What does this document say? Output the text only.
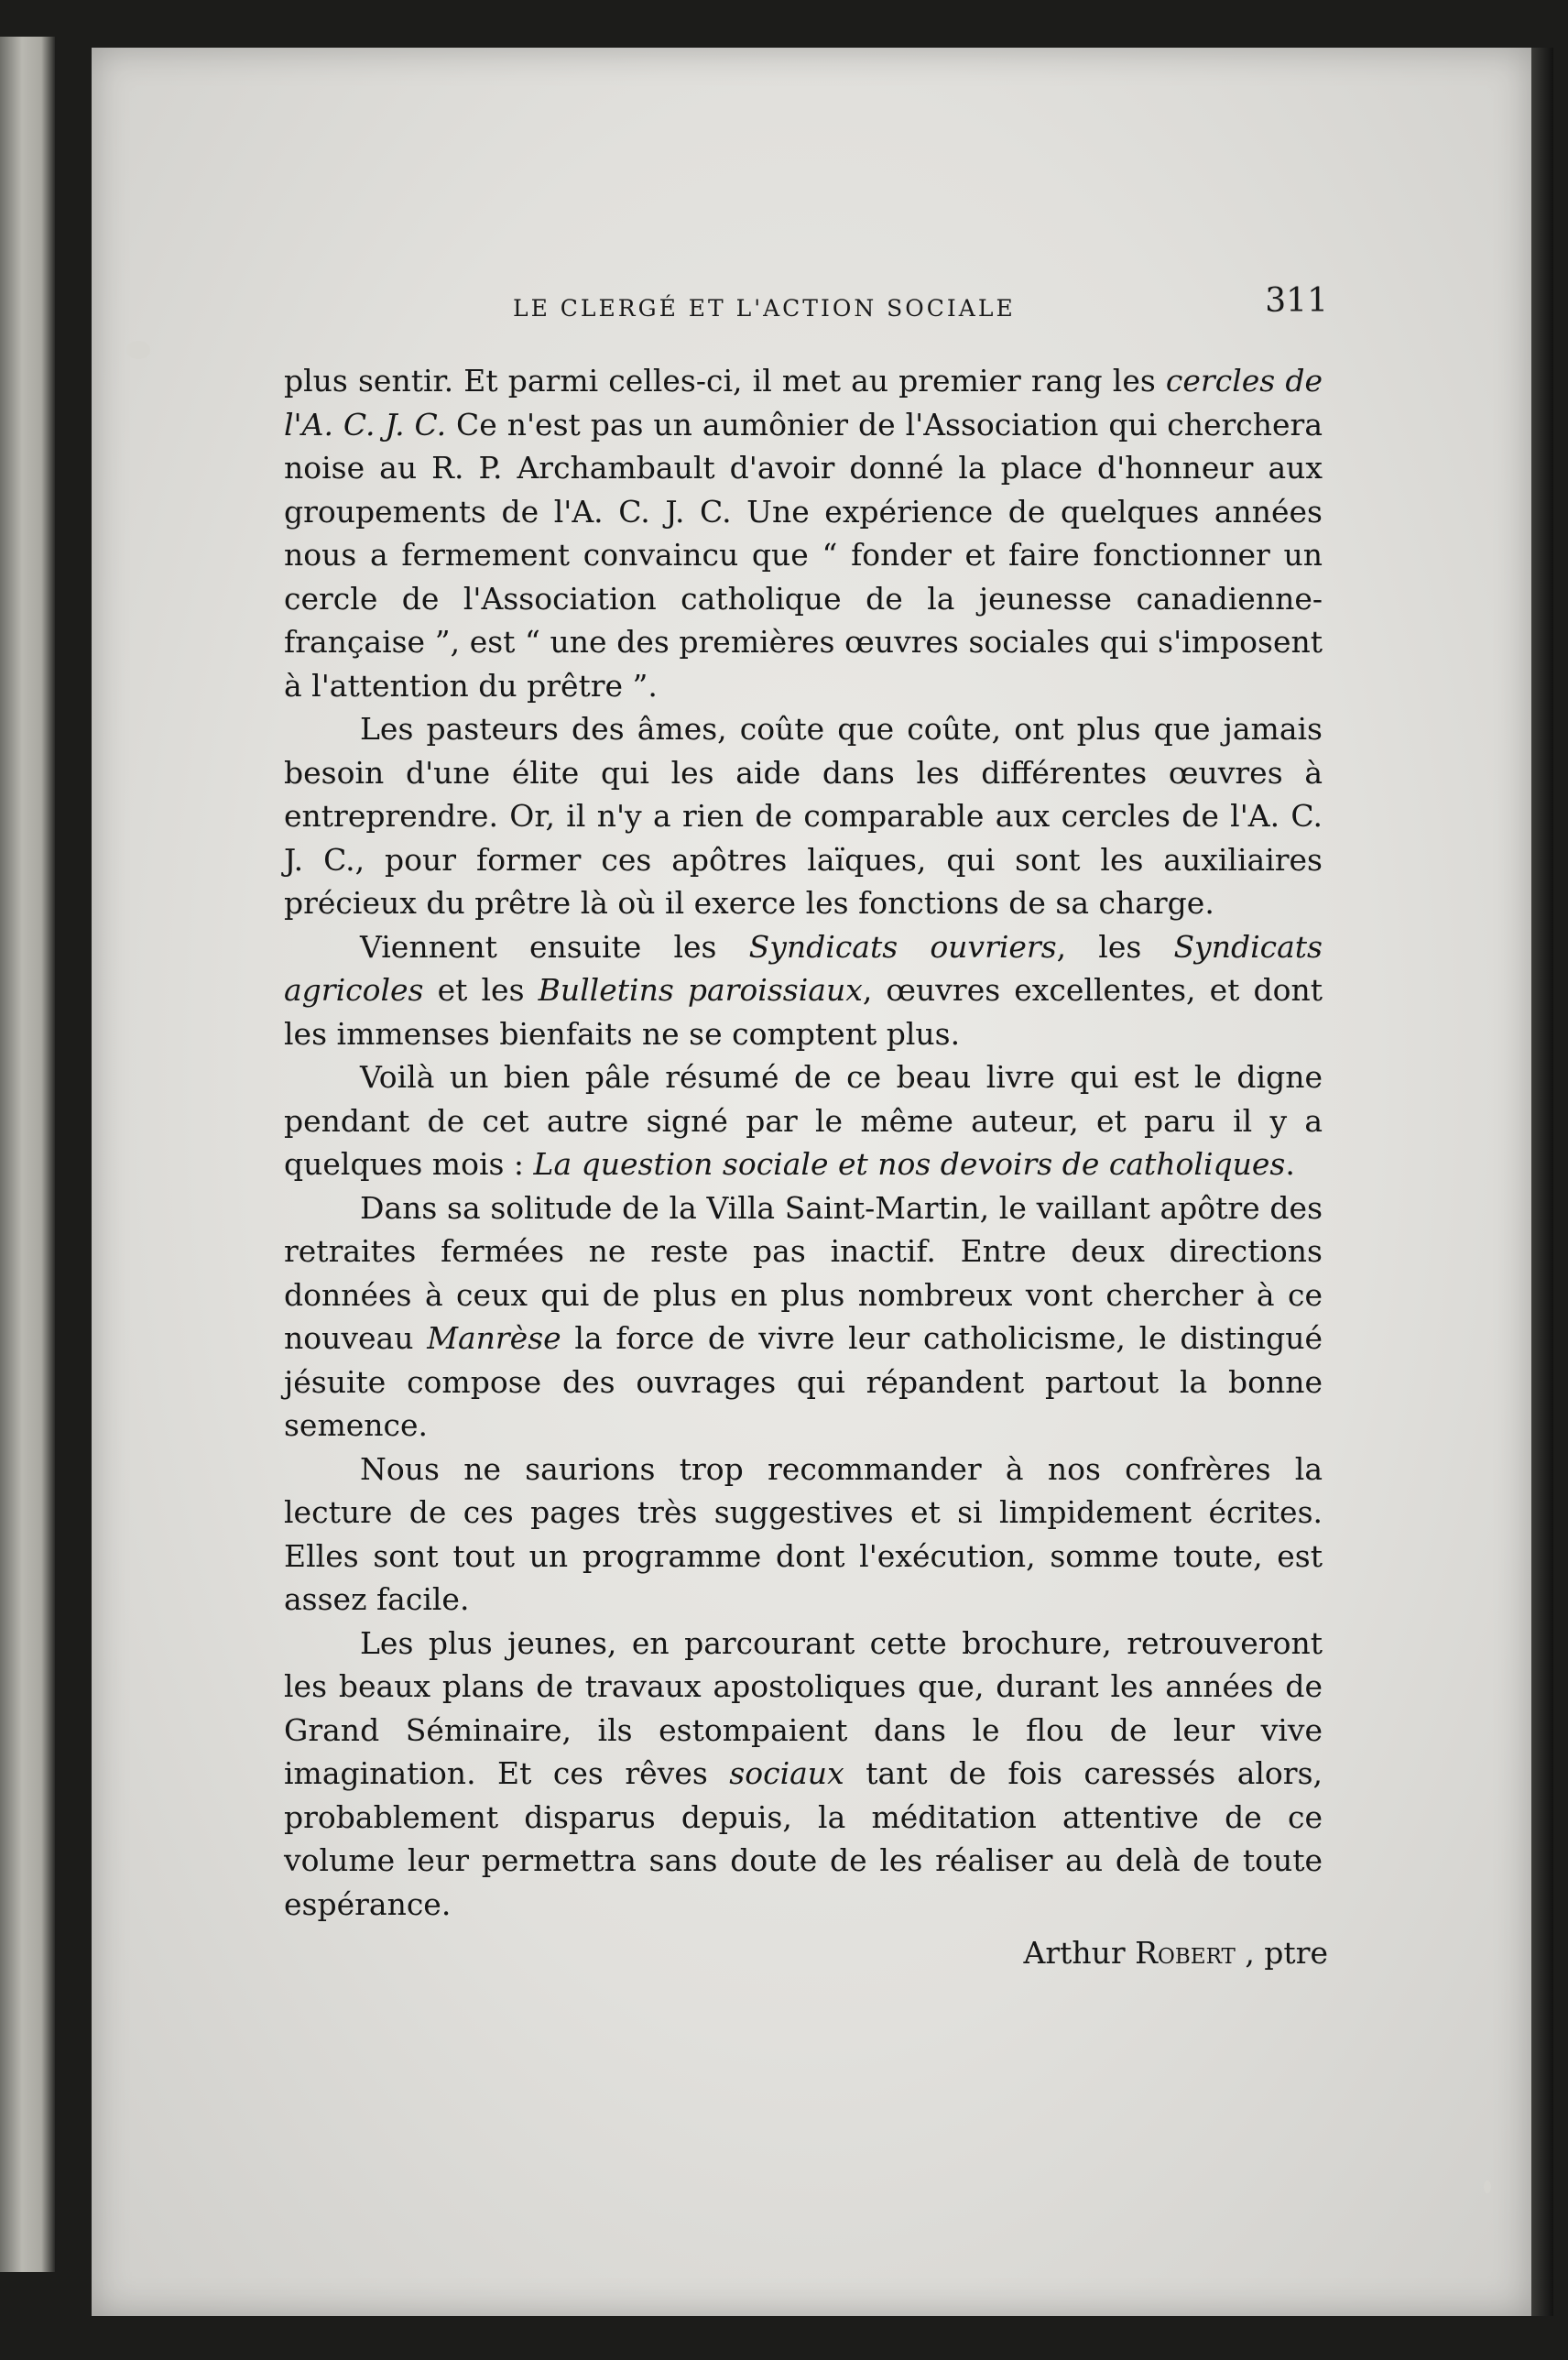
LE CLERGÉ ET L'ACTION SOCIALE	311

plus sentir. Et parmi celles-ci, il met au premier rang les cercles de l'A. C. J. C. Ce n'est pas un aumônier de l'Association qui cherchera noise au R. P. Archambault d'avoir donné la place d'honneur aux groupements de l'A. C. J. C. Une expérience de quelques années nous a fermement convaincu que “ fonder et faire fonctionner un cercle de l'Association catholique de la jeunesse canadienne-française ”, est “ une des premières œuvres sociales qui s'imposent à l'attention du prêtre ”.

Les pasteurs des âmes, coûte que coûte, ont plus que jamais besoin d'une élite qui les aide dans les différentes œuvres à entreprendre. Or, il n'y a rien de comparable aux cercles de l'A. C. J. C., pour former ces apôtres laïques, qui sont les auxiliaires précieux du prêtre là où il exerce les fonctions de sa charge.

Viennent ensuite les Syndicats ouvriers, les Syndicats agricoles et les Bulletins paroissiaux, œuvres excellentes, et dont les immenses bienfaits ne se comptent plus.

Voilà un bien pâle résumé de ce beau livre qui est le digne pendant de cet autre signé par le même auteur, et paru il y a quelques mois : La question sociale et nos devoirs de catholiques.

Dans sa solitude de la Villa Saint-Martin, le vaillant apôtre des retraites fermées ne reste pas inactif. Entre deux directions données à ceux qui de plus en plus nombreux vont chercher à ce nouveau Manrèse la force de vivre leur catholicisme, le distingué jésuite compose des ouvrages qui répandent partout la bonne semence.

Nous ne saurions trop recommander à nos confrères la lecture de ces pages très suggestives et si limpidement écrites. Elles sont tout un programme dont l'exécution, somme toute, est assez facile.

Les plus jeunes, en parcourant cette brochure, retrouveront les beaux plans de travaux apostoliques que, durant les années de Grand Séminaire, ils estompaient dans le flou de leur vive imagination. Et ces rêves sociaux tant de fois caressés alors, probablement disparus depuis, la méditation attentive de ce volume leur permettra sans doute de les réaliser au delà de toute espérance.

Arthur Robert , ptre
